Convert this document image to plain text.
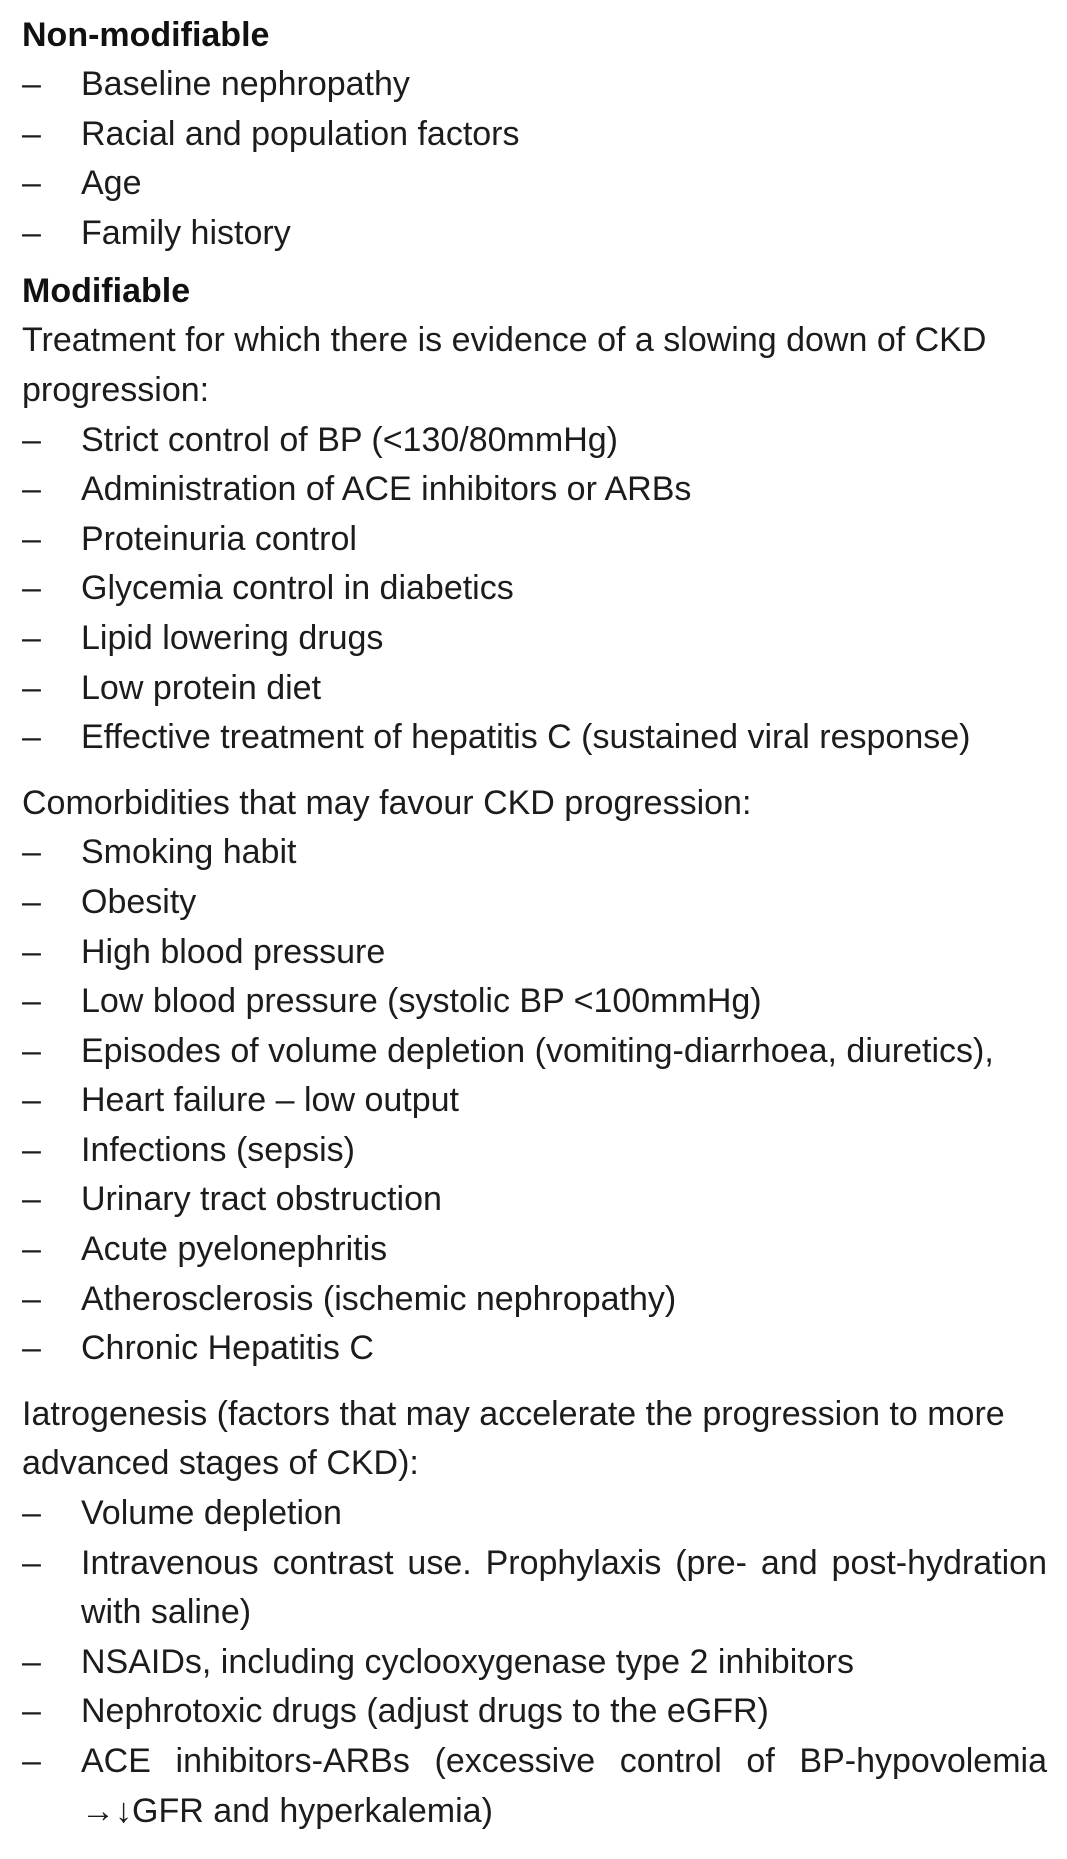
Non-modifiable
–	Baseline nephropathy
–	Racial and population factors
–	Age
–	Family history
Modifiable

Treatment for which there is evidence of a slowing down of CKD progression:

–	Strict control of BP (<130/80mmHg)
–	Administration of ACE inhibitors or ARBs
–	Proteinuria control
–	Glycemia control in diabetics
–	Lipid lowering drugs
–	Low protein diet
–	Effective treatment of hepatitis C (sustained viral response)

Comorbidities that may favour CKD progression:

–	Smoking habit
–	Obesity
–	High blood pressure
–	Low blood pressure (systolic BP <100mmHg)
–	Episodes of volume depletion (vomiting-diarrhoea, diuretics),
–	Heart failure – low output
–	Infections (sepsis)
–	Urinary tract obstruction
–	Acute pyelonephritis
–	Atherosclerosis (ischemic nephropathy)
–	Chronic Hepatitis C

Iatrogenesis (factors that may accelerate the progression to more advanced stages of CKD):

–	Volume depletion
–	Intravenous contrast use. Prophylaxis (pre- and post-hydration with saline)
–	NSAIDs, including cyclooxygenase type 2 inhibitors
–	Nephrotoxic drugs (adjust drugs to the eGFR)
–	ACE inhibitors-ARBs (excessive control of BP-hypovolemia →↓GFR and hyperkalemia)
